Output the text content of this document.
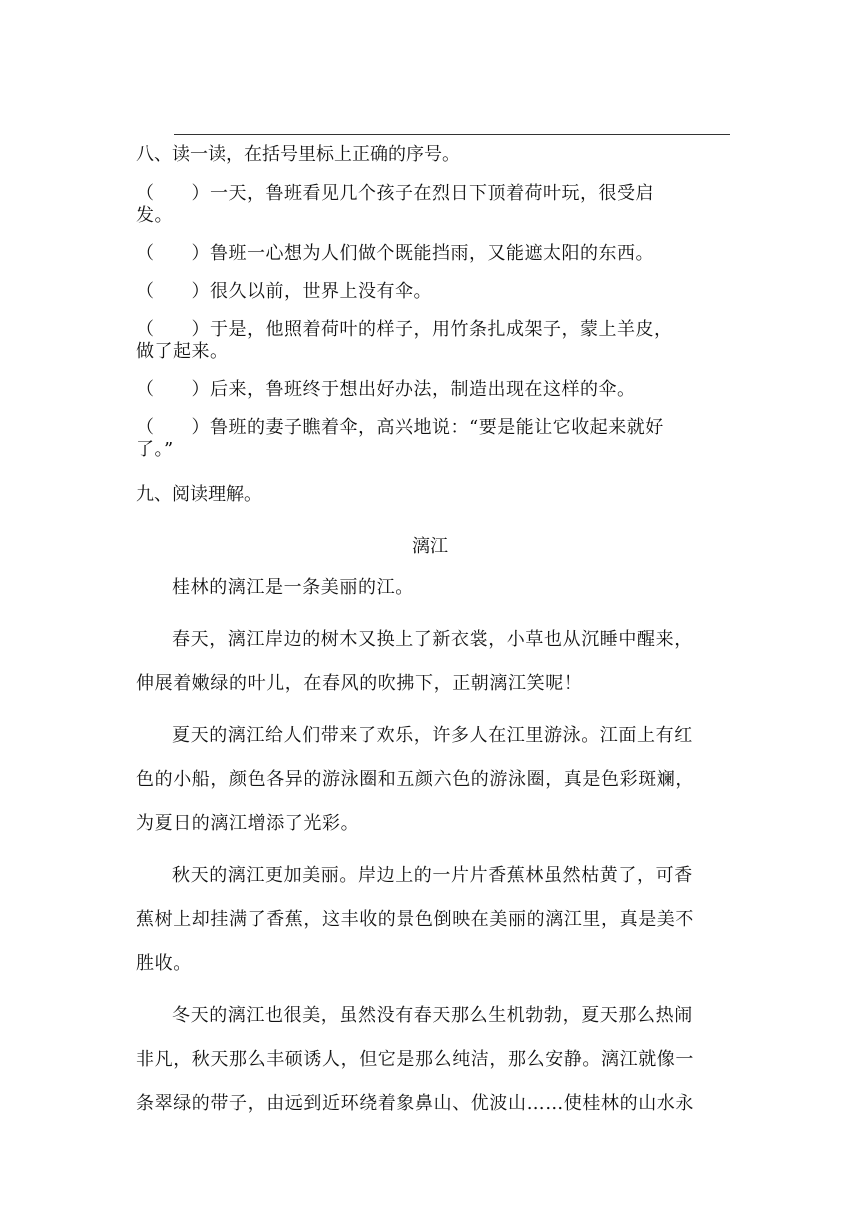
八、读一读，在括号里标上正确的序号。
（　　）一天，鲁班看见几个孩子在烈日下顶着荷叶玩，很受启
发。
（　　）鲁班一心想为人们做个既能挡雨，又能遮太阳的东西。
（　　）很久以前，世界上没有伞。
（　　）于是，他照着荷叶的样子，用竹条扎成架子，蒙上羊皮，
做了起来。
（　　）后来，鲁班终于想出好办法，制造出现在这样的伞。
（　　）鲁班的妻子瞧着伞，高兴地说：“要是能让它收起来就好
了。”
九、阅读理解。
漓江
桂林的漓江是一条美丽的江。
春天，漓江岸边的树木又换上了新衣裳，小草也从沉睡中醒来，
伸展着嫩绿的叶儿，在春风的吹拂下，正朝漓江笑呢！
夏天的漓江给人们带来了欢乐，许多人在江里游泳。江面上有红
色的小船，颜色各异的游泳圈和五颜六色的游泳圈，真是色彩斑斓，
为夏日的漓江增添了光彩。
秋天的漓江更加美丽。岸边上的一片片香蕉林虽然枯黄了，可香
蕉树上却挂满了香蕉，这丰收的景色倒映在美丽的漓江里，真是美不
胜收。
冬天的漓江也很美，虽然没有春天那么生机勃勃，夏天那么热闹
非凡，秋天那么丰硕诱人，但它是那么纯洁，那么安静。漓江就像一
条翠绿的带子，由远到近环绕着象鼻山、优波山……使桂林的山水永
